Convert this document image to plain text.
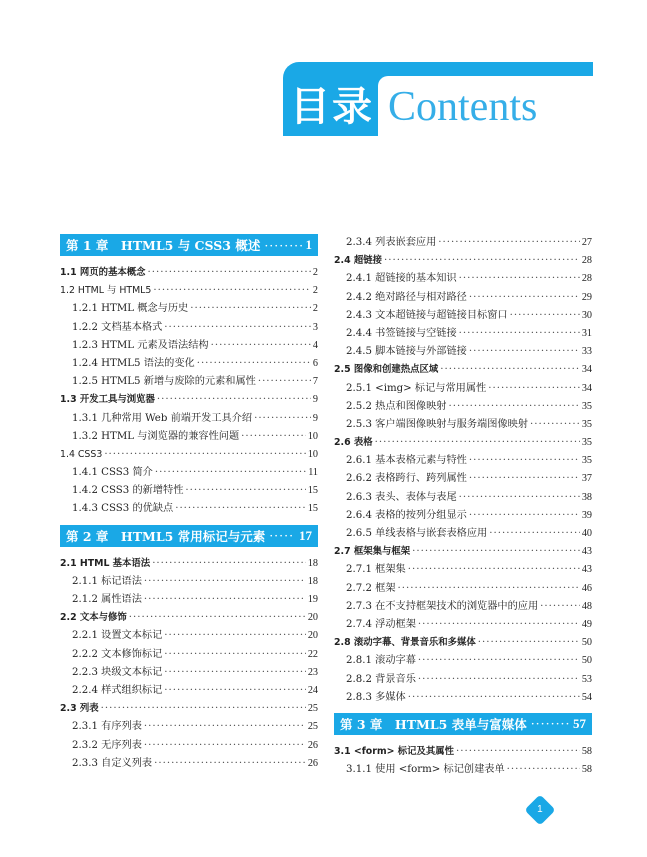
目录 Contents
第 1 章　HTML5 与 CSS3 概述 ·····	1
1.1 网页的基本概念 ·····	2
1.2 HTML 与 HTML5 ·····	2
1.2.1 HTML 概念与历史 ·····	2
1.2.2 文档基本格式 ·····	3
1.2.3 HTML 元素及语法结构 ·····	4
1.2.4 HTML5 语法的变化 ·····	6
1.2.5 HTML5 新增与废除的元素和属性 ·····	7
1.3 开发工具与浏览器 ·····	9
1.3.1 几种常用 Web 前端开发工具介绍 ·····	9
1.3.2 HTML 与浏览器的兼容性问题 ·····	10
1.4 CSS3 ·····	10
1.4.1 CSS3 简介 ·····	11
1.4.2 CSS3 的新增特性 ·····	15
1.4.3 CSS3 的优缺点 ·····	15
第 2 章　HTML5 常用标记与元素 ·····	17
2.1 HTML 基本语法 ·····	18
2.1.1 标记语法 ·····	18
2.1.2 属性语法 ·····	19
2.2 文本与修饰 ·····	20
2.2.1 设置文本标记 ·····	20
2.2.2 文本修饰标记 ·····	22
2.2.3 块级文本标记 ·····	23
2.2.4 样式组织标记 ·····	24
2.3 列表 ·····	25
2.3.1 有序列表 ·····	25
2.3.2 无序列表 ·····	26
2.3.3 自定义列表 ·····	26
2.3.4 列表嵌套应用 ·····	27
2.4 超链接 ·····	28
2.4.1 超链接的基本知识 ·····	28
2.4.2 绝对路径与相对路径 ·····	29
2.4.3 文本超链接与超链接目标窗口 ·····	30
2.4.4 书签链接与空链接 ·····	31
2.4.5 脚本链接与外部链接 ·····	33
2.5 图像和创建热点区域 ·····	34
2.5.1 <img> 标记与常用属性 ·····	34
2.5.2 热点和图像映射 ·····	35
2.5.3 客户端图像映射与服务端图像映射 ·····	35
2.6 表格 ·····	35
2.6.1 基本表格元素与特性 ·····	35
2.6.2 表格跨行、跨列属性 ·····	37
2.6.3 表头、表体与表尾 ·····	38
2.6.4 表格的按列分组显示 ·····	39
2.6.5 单线表格与嵌套表格应用 ·····	40
2.7 框架集与框架 ·····	43
2.7.1 框架集 ·····	43
2.7.2 框架 ·····	46
2.7.3 在不支持框架技术的浏览器中的应用 ·····	48
2.7.4 浮动框架 ·····	49
2.8 滚动字幕、背景音乐和多媒体 ·····	50
2.8.1 滚动字幕 ·····	50
2.8.2 背景音乐 ·····	53
2.8.3 多媒体 ·····	54
第 3 章　HTML5 表单与富媒体 ·····	57
3.1 <form> 标记及其属性 ·····	58
3.1.1 使用 <form> 标记创建表单 ·····	58
1
